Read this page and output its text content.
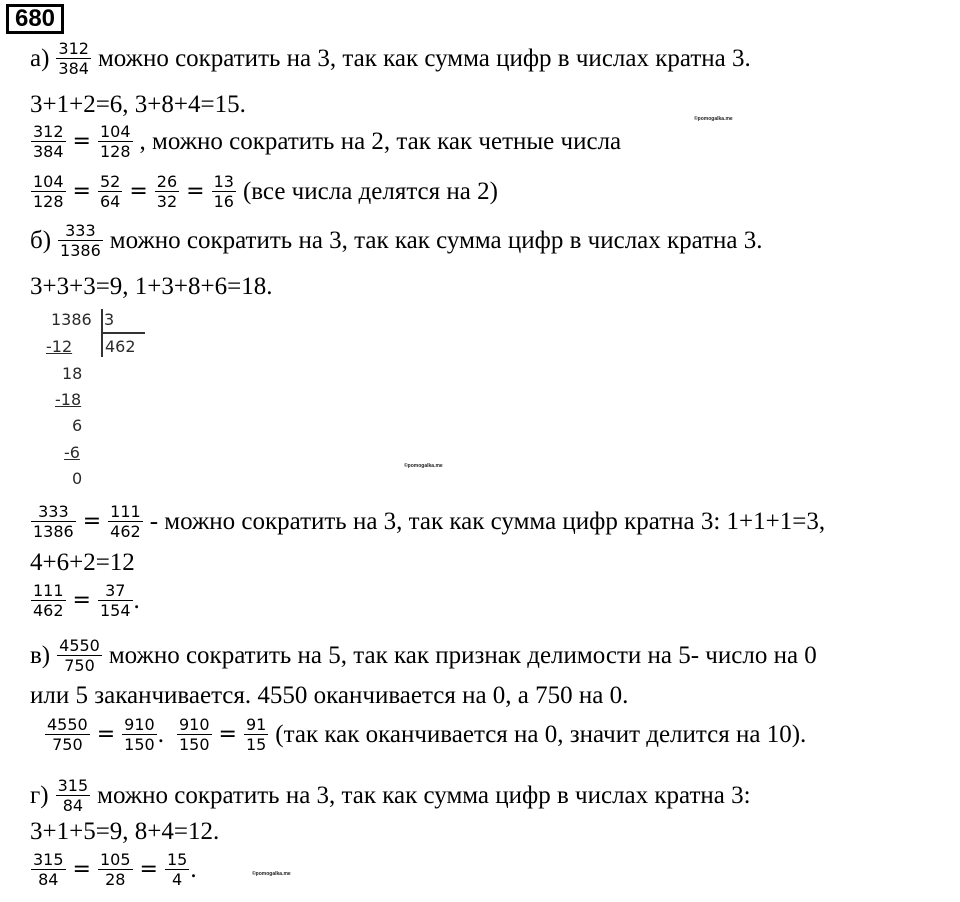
680
$а) \frac{312}{384}$ можно сократить на 3, так как сумма цифр в числах кратна 3.
3+1+2=6, 3+8+4=15.
$\frac{312}{384} = \frac{104}{128}$ , можно сократить на 2, так как четные числа
$\frac{104}{128} = \frac{52}{64} = \frac{26}{32} = \frac{13}{16} (все$ числа делятся на 2)
©pomogalka.me
$б) \frac{333}{1386}$ можно сократить на 3, так как сумма цифр в числах кратна 3.
3+3+3=9, 1+3+8+6=18.
1386 3
462
-12
18
-18
6
-6
0
©pomogalka.me
$\frac{333}{1386} = \frac{111}{462}$ - можно сократить на 3, так как сумма цифр кратна 3: 1+1+1=3,
4+6+2=12
$\frac{111}{462} = \frac{37}{154}$ .
$в) \frac{4550}{750}$ можно сократить на 5, так как признак делимости на 5- число на 0
или 5 заканчивается. 4550 оканчивается на 0, а 750 на 0.
$\frac{4550}{750} = \frac{910}{150}$ . $\frac{910}{150} = \frac{91}{15} (так$ как оканчивается на 0, значит делится на 10).
$г) \frac{315}{84}$ можно сократить на 3, так как сумма цифр в числах кратна 3:
3+1+5=9, 8+4=12.
$\frac{315}{84} = \frac{105}{28} = \frac{15}{4}$ .	©pomogalka.me
